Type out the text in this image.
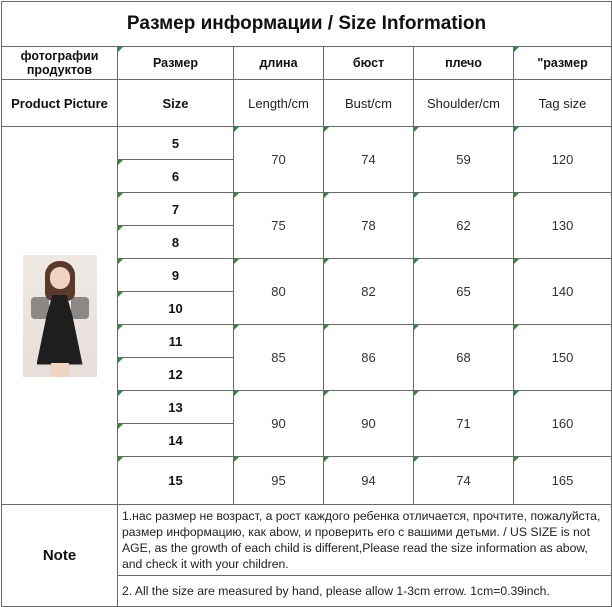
Размер информации / Size Information					
фотографии продуктов	Размер	длина	бюст	плечо	"размер
Product Picture	Size	Length/cm	Bust/cm	Shoulder/cm	Tag size

	5	70	74	59	120
	6				
	7	75	78	62	130
	8				
	9	80	82	65	140
	10				
	11	85	86	68	150
	12				
	13	90	90	71	160
	14				
	15	95	94	74	165
Note	1.нас размер не возраст, а рост каждого ребенка отличается, прочтите, пожалуйста, размер информацию, как abow, и проверить его с вашими детьми. / US SIZE is not AGE, as the growth of each child is different,Please read the size information as abow, and check it with your children.				
	2. All the size are measured by hand, please allow 1-3cm errow. 1cm=0.39inch.				
